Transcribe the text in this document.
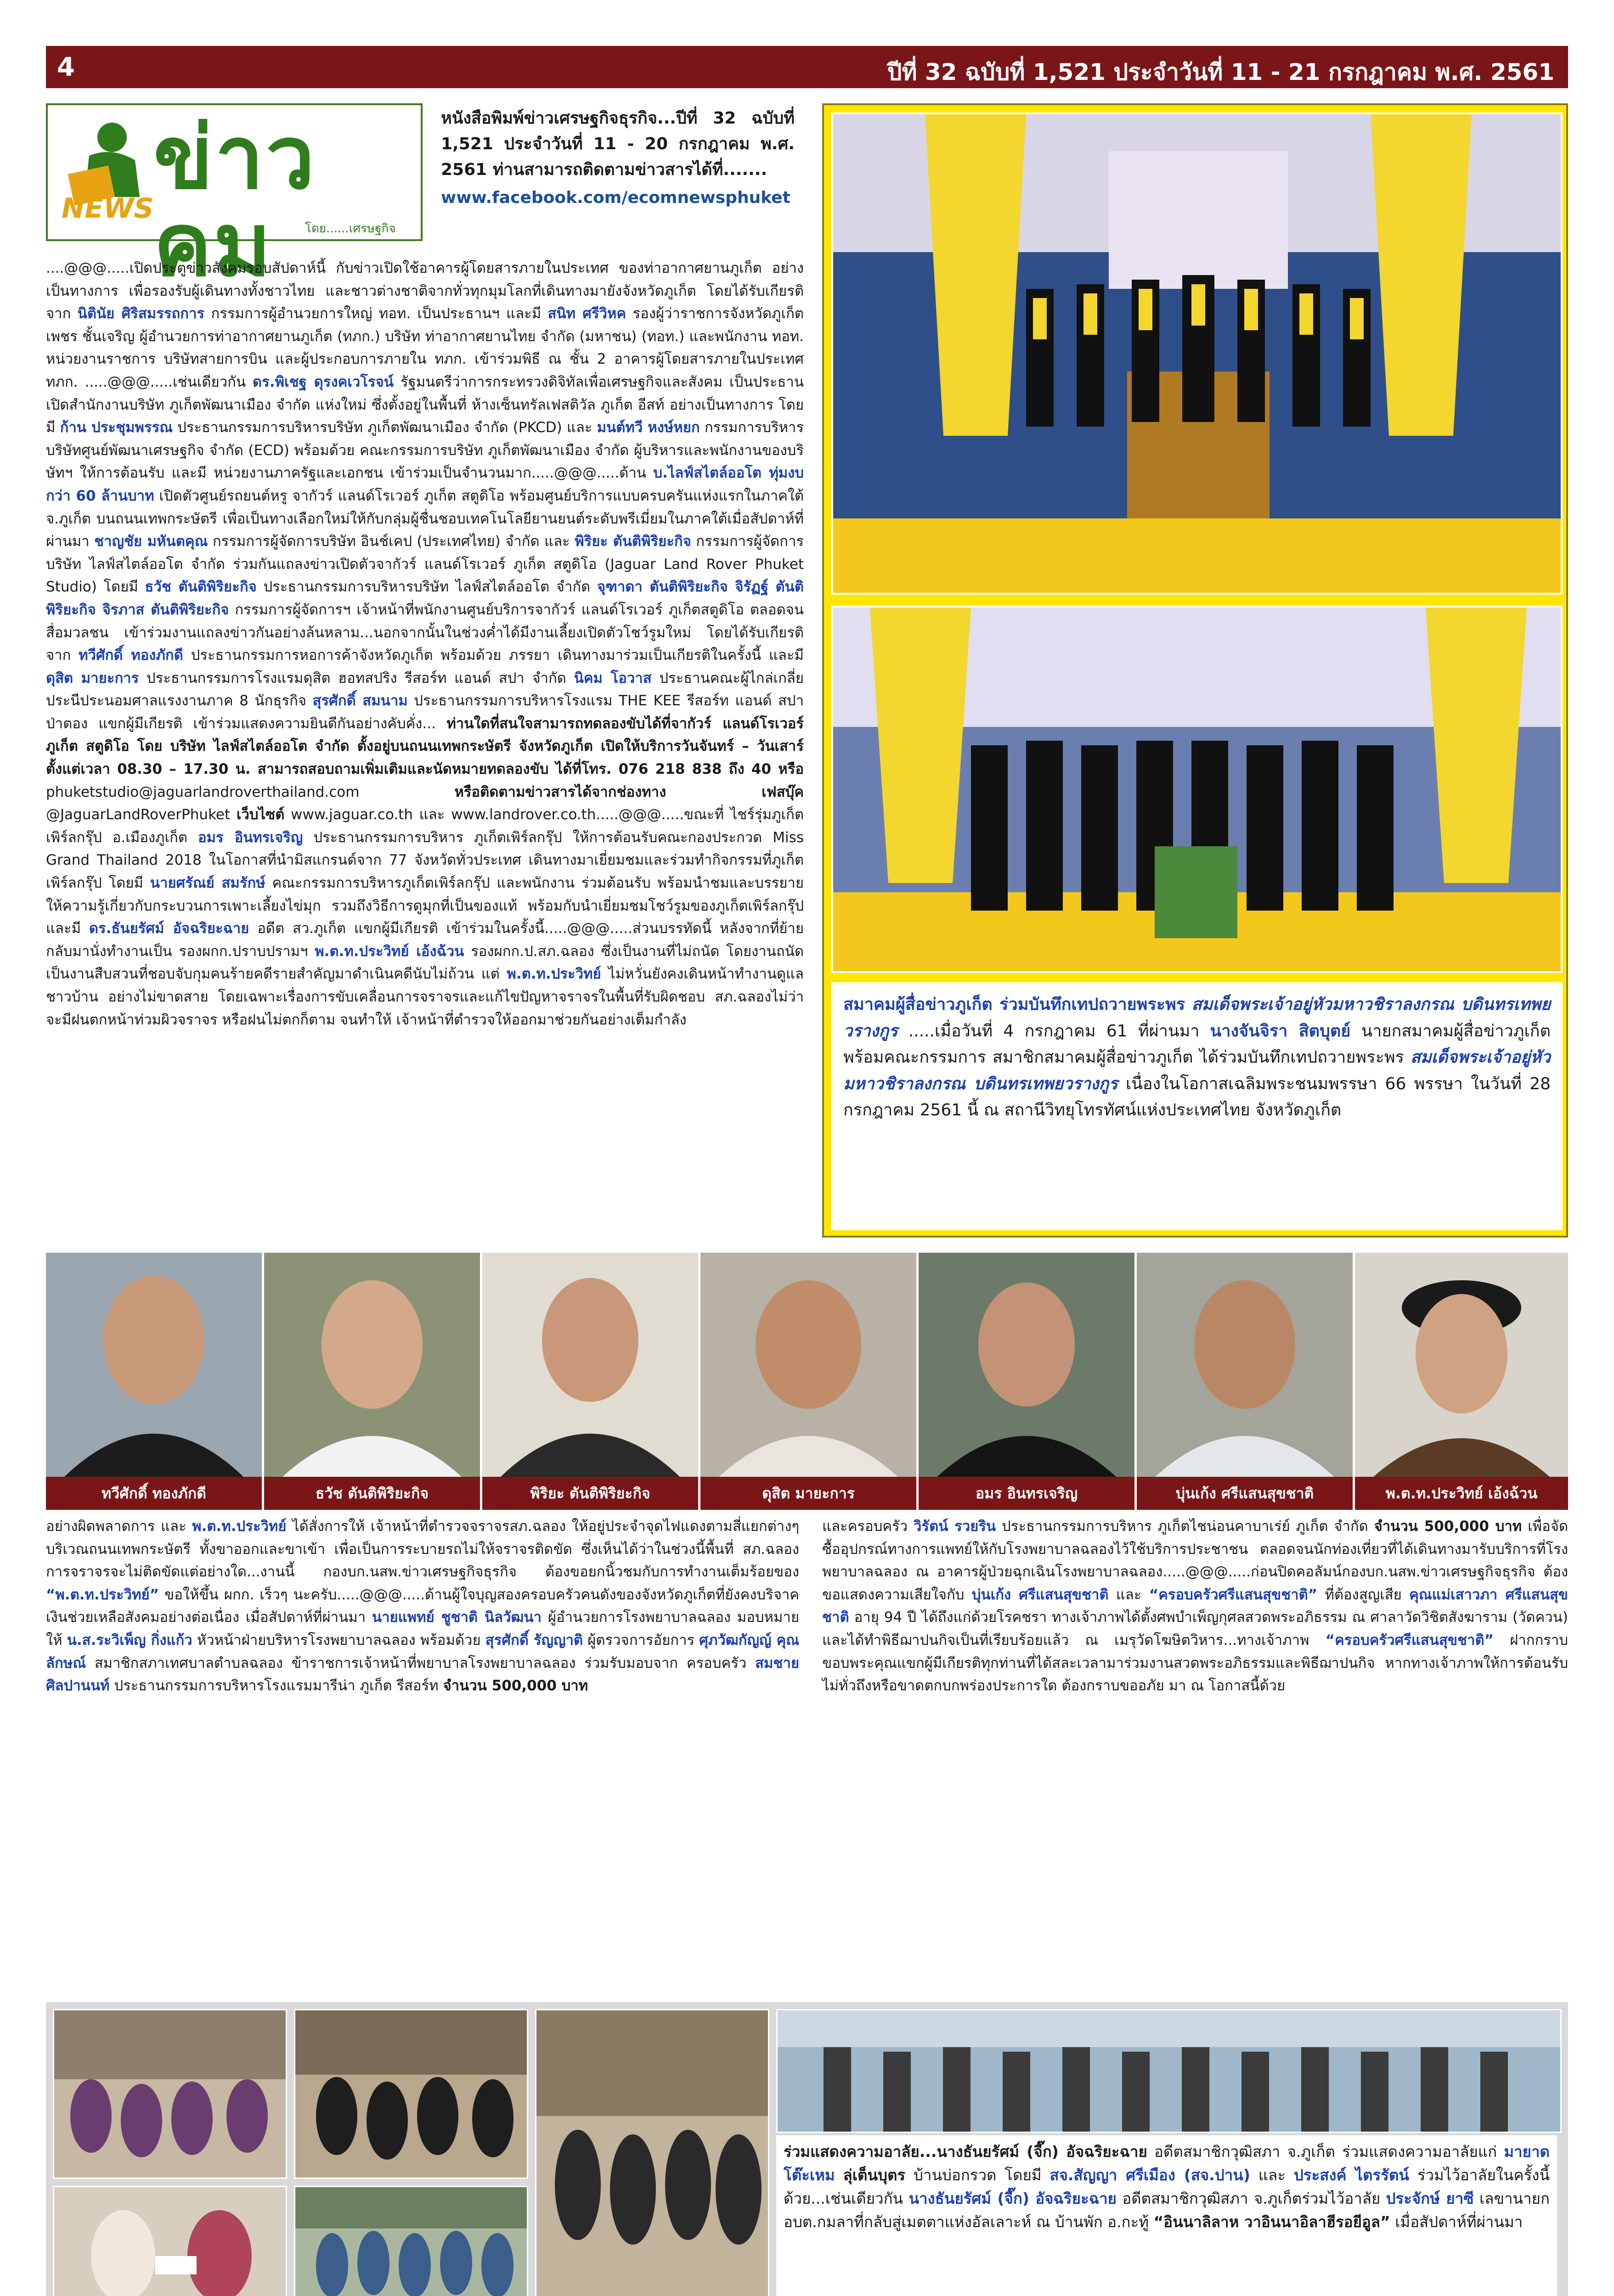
4	ปีที่ 32 ฉบับที่ 1,521 ประจำวันที่ 11 - 21 กรกฎาคม พ.ศ. 2561
NEWS ข่าวคม	โดย......เศรษฐกิจ
หนังสือพิมพ์ข่าวเศรษฐกิจธุรกิจ...ปีที่ 32 ฉบับที่ 1,521 ประจำวันที่ 11 - 20 กรกฎาคม พ.ศ. 2561 ท่านสามารถติดตามข่าวสารได้ที่.......
www.facebook.com/ecomnewsphuket
....@@@.....เปิดประตูข่าวสังคมรอบสัปดาห์นี้ กับข่าวเปิดใช้อาคารผู้โดยสารภายในประเทศ ของท่าอากาศยานภูเก็ต อย่างเป็นทางการ เพื่อรองรับผู้เดินทางทั้งชาวไทย และชาวต่างชาติจากทั่วทุกมุมโลกที่เดินทางมายังจังหวัดภูเก็ต โดยได้รับเกียรติจาก นิตินัย ศิริสมรรถการ กรรมการผู้อำนวยการใหญ่ ทอท. เป็นประธานฯ และมี สนิท ศรีวิหค รองผู้ว่าราชการจังหวัดภูเก็ต เพชร ชั้นเจริญ ผู้อำนวยการท่าอากาศยานภูเก็ต (ทภก.) บริษัท ท่าอากาศยานไทย จำกัด (มหาชน) (ทอท.) และพนักงาน ทอท. หน่วยงานราชการ บริษัทสายการบิน และผู้ประกอบการภายใน ทภก. เข้าร่วมพิธี ณ ชั้น 2 อาคารผู้โดยสารภายในประเทศ ทภก. .....@@@.....เช่นเดียวกัน ดร.พิเชฐ ดุรงคเวโรจน์ รัฐมนตรีว่าการกระทรวงดิจิทัลเพื่อเศรษฐกิจและสังคม เป็นประธานเปิดสำนักงานบริษัท ภูเก็ตพัฒนาเมือง จำกัด แห่งใหม่ ซึ่งตั้งอยู่ในพื้นที่ ห้างเซ็นทรัลเฟสติวัล ภูเก็ต อีสท์ อย่างเป็นทางการ โดยมี ก้าน ประชุมพรรณ ประธานกรรมการบริหารบริษัท ภูเก็ตพัฒนาเมือง จำกัด (PKCD) และ มนต์ทวี หงษ์หยก กรรมการบริหารบริษัทศูนย์พัฒนาเศรษฐกิจ จำกัด (ECD) พร้อมด้วย คณะกรรมการบริษัท ภูเก็ตพัฒนาเมือง จำกัด ผู้บริหารและพนักงานของบริษัทฯ ให้การต้อนรับ และมี หน่วยงานภาครัฐและเอกชน เข้าร่วมเป็นจำนวนมาก.....@@@.....ด้าน บ.ไลฟ์สไตล์ออโต ทุ่มงบกว่า 60 ล้านบาท เปิดตัวศูนย์รถยนต์หรู จากัวร์ แลนด์โรเวอร์ ภูเก็ต สตูดิโอ พร้อมศูนย์บริการแบบครบครันแห่งแรกในภาคใต้ จ.ภูเก็ต บนถนนเทพกระษัตรี เพื่อเป็นทางเลือกใหม่ให้กับกลุ่มผู้ชื่นชอบเทคโนโลยียานยนต์ระดับพรีเมี่ยมในภาคใต้เมื่อสัปดาห์ที่ผ่านมา ชาญชัย มหันตคุณ กรรมการผู้จัดการบริษัท อินช์เคป (ประเทศไทย) จำกัด และ พิริยะ ตันติพิริยะกิจ กรรมการผู้จัดการ บริษัท ไลฟ์สไตล์ออโต จำกัด ร่วมกันแถลงข่าวเปิดตัวจากัวร์ แลนด์โรเวอร์ ภูเก็ต สตูดิโอ (Jaguar Land Rover Phuket Studio) โดยมี ธวัช ตันติพิริยะกิจ ประธานกรรมการบริหารบริษัท ไลฟ์สไตล์ออโต จำกัด จุฑาดา ตันติพิริยะกิจ จิรัฏฐ์ ตันติพิริยะกิจ จิรภาส ตันติพิริยะกิจ กรรมการผู้จัดการฯ เจ้าหน้าที่พนักงานศูนย์บริการจากัวร์ แลนด์โรเวอร์ ภูเก็ตสตูดิโอ ตลอดจนสื่อมวลชน เข้าร่วมงานแถลงข่าวกันอย่างล้นหลาม...นอกจากนั้นในช่วงค่ำได้มีงานเลี้ยงเปิดตัวโชว์รูมใหม่ โดยได้รับเกียรติจาก ทวีศักดิ์ ทองภักดี ประธานกรรมการหอการค้าจังหวัดภูเก็ต พร้อมด้วย ภรรยา เดินทางมาร่วมเป็นเกียรติในครั้งนี้ และมี ดุสิต มายะการ ประธานกรรมการโรงแรมดุสิต ฮอทสปริง รีสอร์ท แอนด์ สปา จำกัด นิคม โอวาส ประธานคณะผู้ไกล่เกลี่ยประนีประนอมศาลแรงงานภาค 8 นักธุรกิจ สุรศักดิ์ สมนาม ประธานกรรมการบริหารโรงแรม THE KEE รีสอร์ท แอนด์ สปา ป่าตอง แขกผู้มีเกียรติ เข้าร่วมแสดงความยินดีกันอย่างคับคั่ง... ท่านใดที่สนใจสามารถทดลองขับได้ที่จากัวร์ แลนด์โรเวอร์ ภูเก็ต สตูดิโอ โดย บริษัท ไลฟ์สไตล์ออโต จำกัด ตั้งอยู่บนถนนเทพกระษัตรี จังหวัดภูเก็ต เปิดให้บริการวันจันทร์ – วันเสาร์ ตั้งแต่เวลา 08.30 – 17.30 น. สามารถสอบถามเพิ่มเติมและนัดหมายทดลองขับ ได้ที่โทร. 076 218 838 ถึง 40 หรือ phuketstudio@jaguarlandroverthailand.com	หรือติดตามข่าวสารได้จากช่องทาง เฟสบุ๊ค @JaguarLandRoverPhuket เว็บไซต์ www.jaguar.co.th และ www.landrover.co.th.....@@@.....ขณะที่ ไชร์รุ่มภูเก็ตเพิร์ลกรุ๊ป อ.เมืองภูเก็ต อมร อินทรเจริญ ประธานกรรมการบริหาร ภูเก็ตเพิร์ลกรุ๊ป ให้การต้อนรับคณะกองประกวด Miss Grand Thailand 2018 ในโอกาสที่นำมิสแกรนด์จาก 77 จังหวัดทั่วประเทศ เดินทางมาเยี่ยมชมและร่วมทำกิจกรรมที่ภูเก็ตเพิร์ลกรุ๊ป โดยมี นายศรัณย์ สมรักษ์ คณะกรรมการบริหารภูเก็ตเพิร์ลกรุ๊ป และพนักงาน ร่วมต้อนรับ พร้อมนำชมและบรรยายให้ความรู้เกี่ยวกับกระบวนการเพาะเลี้ยงไข่มุก รวมถึงวิธีการดูมุกที่เป็นของแท้ พร้อมกับนำเยี่ยมชมโชว์รูมของภูเก็ตเพิร์ลกรุ๊ป และมี ดร.ธันยรัศม์ อัจฉริยะฉาย อดีต สว.ภูเก็ต แขกผู้มีเกียรติ เข้าร่วมในครั้งนี้.....@@@.....ส่วนบรรทัดนี้ หลังจากที่ย้ายกลับมานั่งทำงานเป็น รองผกก.ปราบปรามฯ พ.ต.ท.ประวิทย์ เอ้งฉ้วน รองผกก.ป.สภ.ฉลอง ซึ่งเป็นงานที่ไม่ถนัด โดยงานถนัดเป็นงานสืบสวนที่ชอบจับกุมคนร้ายคดีรายสำคัญมาดำเนินคดีนับไม่ถ้วน แต่ พ.ต.ท.ประวิทย์ ไม่หวั่นยังคงเดินหน้าทำงานดูแลชาวบ้าน อย่างไม่ขาดสาย โดยเฉพาะเรื่องการขับเคลื่อนการจราจรและแก้ไขปัญหาจราจรในพื้นที่รับผิดชอบ สภ.ฉลองไม่ว่าจะมีฝนตกหน้าท่วมผิวจราจร หรือฝนไม่ตกก็ตาม จนทำให้ เจ้าหน้าที่ตำรวจให้ออกมาช่วยกันอย่างเต็มกำลัง
สมาคมผู้สื่อข่าวภูเก็ต ร่วมบันทึกเทปถวายพระพร สมเด็จพระเจ้าอยู่หัวมหาวชิราลงกรณ บดินทรเทพยวรางกูร .....เมื่อวันที่ 4 กรกฎาคม 61 ที่ผ่านมา นางจันจิรา สิตบุตย์ นายกสมาคมผู้สื่อข่าวภูเก็ต พร้อมคณะกรรมการ สมาชิกสมาคมผู้สื่อข่าวภูเก็ต ได้ร่วมบันทึกเทปถวายพระพร สมเด็จพระเจ้าอยู่หัวมหาวชิราลงกรณ บดินทรเทพยวรางกูร เนื่องในโอกาสเฉลิมพระชนมพรรษา 66 พรรษา ในวันที่ 28 กรกฎาคม 2561 นี้ ณ สถานีวิทยุโทรทัศน์แห่งประเทศไทย จังหวัดภูเก็ต
ทวีศักดิ์ ทองภักดี	ธวัช ตันติพิริยะกิจ	พิริยะ ตันติพิริยะกิจ	ดุสิต มายะการ	อมร อินทรเจริญ	บุ่นเก้ง ศรีแสนสุขชาติ	พ.ต.ท.ประวิทย์ เอ้งฉ้วน
อย่างผิดพลาดการ และ พ.ต.ท.ประวิทย์ ได้สั่งการให้ เจ้าหน้าที่ตำรวจจราจรสภ.ฉลอง ให้อยู่ประจำจุดไฟแดงตามสี่แยกต่างๆ บริเวณถนนเทพกระษัตรี ทั้งขาออกและขาเข้า เพื่อเป็นการระบายรถไม่ให้จราจรติดขัด ซึ่งเห็นได้ว่าในช่วงนี้พื้นที่ สภ.ฉลองการจราจรจะไม่ติดขัดแต่อย่างใด...งานนี้ กองบก.นสพ.ข่าวเศรษฐกิจธุรกิจ ต้องขอยกนิ้วชมกับการทำงานเต็มร้อยของ “พ.ต.ท.ประวิทย์” ขอให้ขึ้น ผกก. เร็วๆ นะครับ.....@@@.....ด้านผู้ใจบุญสองครอบครัวคนดังของจังหวัดภูเก็ตที่ยังคงบริจาคเงินช่วยเหลือสังคมอย่างต่อเนื่อง เมื่อสัปดาห์ที่ผ่านมา นายแพทย์ ชูชาติ นิลวัฒนา ผู้อำนวยการโรงพยาบาลฉลอง มอบหมายให้ น.ส.ระวิเพ็ญ กิ่งแก้ว หัวหน้าฝ่ายบริหารโรงพยาบาลฉลอง พร้อมด้วย สุรศักดิ์ รัญญาติ ผู้ตรวจการอัยการ ศุภวัฒกัญญ์ คุณลักษณ์ สมาชิกสภาเทศบาลตำบลฉลอง ข้าราชการเจ้าหน้าที่พยาบาลโรงพยาบาลฉลอง ร่วมรับมอบจาก ครอบครัว สมชาย ศิลปานนท์ ประธานกรรมการบริหารโรงแรมมารีน่า ภูเก็ต รีสอร์ท จำนวน 500,000 บาท
และครอบครัว วิรัตน์ รวยริน ประธานกรรมการบริหาร ภูเก็ตไชน่อนคาบาเร่ย์ ภูเก็ต จำกัด จำนวน 500,000 บาท เพื่อจัดซื้ออุปกรณ์ทางการแพทย์ให้กับโรงพยาบาลฉลองไว้ใช้บริการประชาชน ตลอดจนนักท่องเที่ยวที่ได้เดินทางมารับบริการที่โรงพยาบาลฉลอง ณ อาคารผู้ป่วยฉุกเฉินโรงพยาบาลฉลอง.....@@@.....ก่อนปิดคอลัมน์กองบก.นสพ.ข่าวเศรษฐกิจธุรกิจ ต้องขอแสดงความเสียใจกับ บุ่นเก้ง ศรีแสนสุขชาติ และ “ครอบครัวศรีแสนสุขชาติ” ที่ต้องสูญเสีย คุณแม่เสาวภา ศรีแสนสุขชาติ อายุ 94 ปี ได้ถึงแก่ด้วยโรคชรา ทางเจ้าภาพได้ตั้งศพบำเพ็ญกุศลสวดพระอภิธรรม ณ ศาลาวัดวิชิตสังฆาราม (วัดควน) และได้ทำพิธีฌาปนกิจเป็นที่เรียบร้อยแล้ว ณ เมรุวัดโฆษิตวิหาร...ทางเจ้าภาพ “ครอบครัวศรีแสนสุขชาติ” ฝากกราบขอบพระคุณแขกผู้มีเกียรติทุกท่านที่ได้สละเวลามาร่วมงานสวดพระอภิธรรมและพิธีฌาปนกิจ หากทางเจ้าภาพให้การต้อนรับไม่ทั่วถึงหรือขาดตกบกพร่องประการใด ต้องกราบขออภัย มา ณ โอกาสนี้ด้วย
ร่วมแสดงความอาลัย...นางธันยรัศม์ (จี๊ก) อัจฉริยะฉาย อดีตสมาชิกวุฒิสภา จ.ภูเก็ต ร่วมแสดงความอาลัยแก่ มายาด โต๊ะเหม ลุ่เต็นบุตร บ้านบ่อกรวด โดยมี สจ.สัญญา ศรีเมือง (สจ.ปาน) และ ประสงค์ ไตรรัตน์ ร่วมไว้อาลัยในครั้งนี้ ด้วย...เช่นเดียวกัน นางธันยรัศม์ (จี๊ก) อัจฉริยะฉาย อดีตสมาชิกวุฒิสภา จ.ภูเก็ตร่วมไว้อาลัย ประจักษ์ ยาซี เลขานายก อบต.กมลาที่กลับสู่เมตตาแห่งอัลเลาะห์ ณ บ้านพัก อ.กะทู้ “อินนาลิลาห วาอินนาอิลาฮีรอยีอูล” เมื่อสัปดาห์ที่ผ่านมา
